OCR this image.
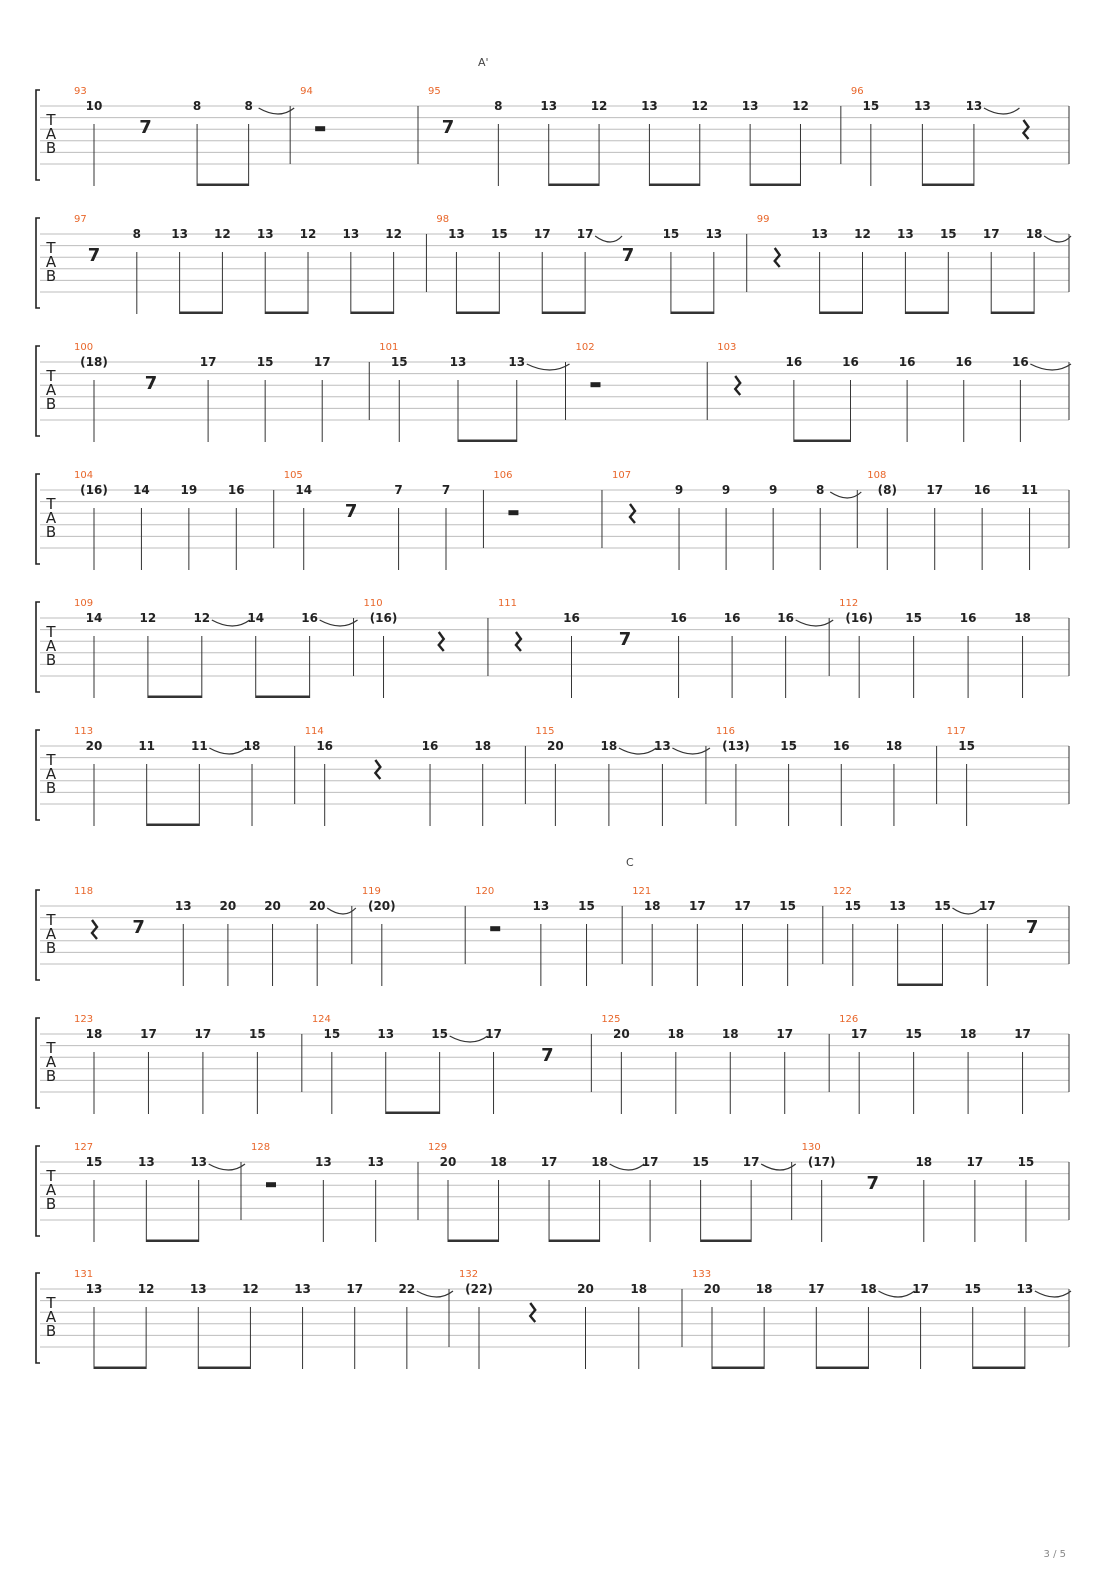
A'
C
T
A
B
93
10
7
8	8
94	95
7
8	13	12	13	12	13	12
96
15	13	13
T
A
B
97
7
8	13 12 13 12 13 12
98
13 15 17 17
7
15 13
99
13 12 13 15 17 18
T
A
B
100
(18)
7
17	15	17
101
15	13	13
102	103
16	16	16	16	16
T
A
B
104
(16) 14	19	16
105
14
7
7	7
106	107
9	9	9	8
108
(8) 17	16	11
T
A
B
109
14	12	12	14	16
110
(16)
111
16
7
16	16	16
112
(16)	15	16	18
T
A
B
113
20	11	11	18
114
16	16	18
115
20	18	13
116
(13)	15	16	18
117
15
T
A
B
118
7
13 20 20 20
119
(20)
120
13 15
121
18 17 17 15
122
15 13 15 17
7
T
A
B
123
18	17	17	15
124
15	13	15	17
7
125
20	18	18	17
126
17	15	18	17
T
A
B
127
15	13	13
128
13	13
129
20	18	17	18	17	15	17
130
(17)
7
18	17	15
T
A
B
131
13	12	13	12	13	17	22
132
(22)	20	18
133
20	18	17	18	17	15	13
3 / 5
